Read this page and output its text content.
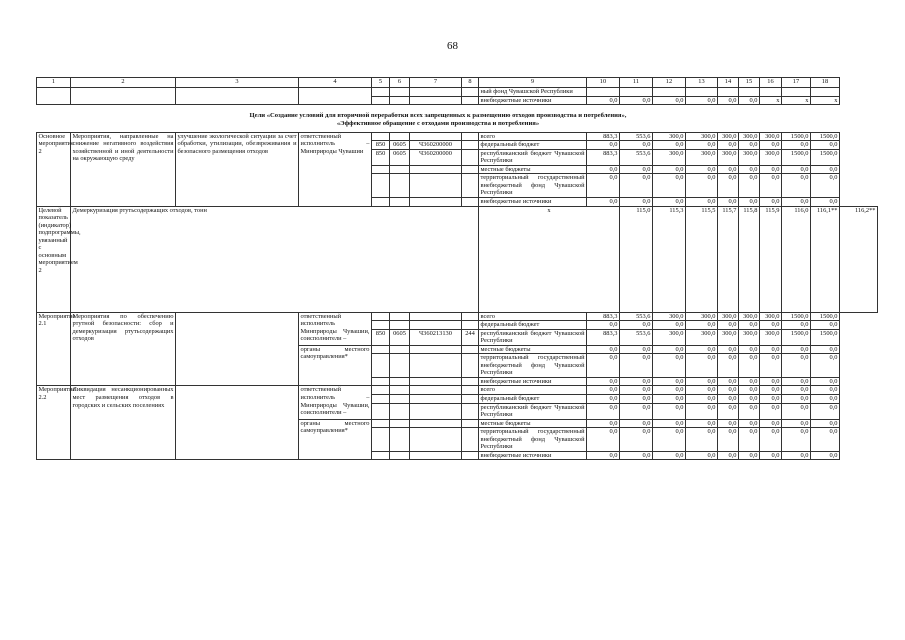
68
1	2	3	4	5	6	7	8	9	10	11	12	13	14	15	16	17	18	
								ный фонд Чувашской Республики										
								внебюджетные источники	0,0	0,0	0,0	0,0	0,0	0,0	x	x	x	

Цели «Создание условий для вторичной переработки всех запрещенных к размещению отходов производства и потребления»,
«Эффективное обращение с отходами производства и потребления»																		

Основное мероприятие 2	Мероприятия, направленные на снижение негативного воздействия хозяйственной и иной деятельности на окружающую среду	улучшение экологической ситуации за счет обработки, утилизации, обезвреживания и безопасного размещения отходов	ответственный исполнитель – Минприроды Чувашии					всего	883,3	553,6	300,0	300,0	300,0	300,0	300,0	1500,0	1500,0	
				850	0605	Ч360200000		федеральный бюджет	0,0	0,0	0,0	0,0	0,0	0,0	0,0	0,0	0,0	
				850	0605	Ч360200000		республиканский бюджет Чувашской Республики	883,3	553,6	300,0	300,0	300,0	300,0	300,0	1500,0	1500,0	
								местные бюджеты	0,0	0,0	0,0	0,0	0,0	0,0	0,0	0,0	0,0	
								территориальный государственный внебюджетный фонд Чувашской Республики	0,0	0,0	0,0	0,0	0,0	0,0	0,0	0,0	0,0	
								внебюджетные источники	0,0	0,0	0,0	0,0	0,0	0,0	0,0	0,0	0,0	
Целевой показатель (индикатор) подпрограммы, увязанный с основным мероприятием 2	Демеркуризация ртутьсодержащих отходов, тонн							x		115,0	115,3	115,5	115,7	115,8	115,9	116,0	116,1**	116,2**
Мероприятие 2.1	Мероприятия по обеспечению ртутной безопасности: сбор и демеркуризация ртутьсодержащих отходов		ответственный исполнитель Минприроды Чувашии, соисполнители –					всего	883,3	553,6	300,0	300,0	300,0	300,0	300,0	1500,0	1500,0	
								федеральный бюджет	0,0	0,0	0,0	0,0	0,0	0,0	0,0	0,0	0,0	
				850	0605	Ч360213130	244	республиканский бюджет Чувашской Республики	883,3	553,6	300,0	300,0	300,0	300,0	300,0	1500,0	1500,0	
			органы местного самоуправления*					местные бюджеты	0,0	0,0	0,0	0,0	0,0	0,0	0,0	0,0	0,0	
								территориальный государственный внебюджетный фонд Чувашской Республики	0,0	0,0	0,0	0,0	0,0	0,0	0,0	0,0	0,0	
								внебюджетные источники	0,0	0,0	0,0	0,0	0,0	0,0	0,0	0,0	0,0	
Мероприятие 2.2	Ликвидация несанкционированных мест размещения отходов в городских и сельских поселениях		ответственный исполнитель – Минприроды Чувашии, соисполнители –					всего	0,0	0,0	0,0	0,0	0,0	0,0	0,0	0,0	0,0	
								федеральный бюджет	0,0	0,0	0,0	0,0	0,0	0,0	0,0	0,0	0,0	
								республиканский бюджет Чувашской Республики	0,0	0,0	0,0	0,0	0,0	0,0	0,0	0,0	0,0	
			органы местного самоуправления*					местные бюджеты	0,0	0,0	0,0	0,0	0,0	0,0	0,0	0,0	0,0	
								территориальный государственный внебюджетный фонд Чувашской Республики	0,0	0,0	0,0	0,0	0,0	0,0	0,0	0,0	0,0	
								внебюджетные источники	0,0	0,0	0,0	0,0	0,0	0,0	0,0	0,0	0,0	
